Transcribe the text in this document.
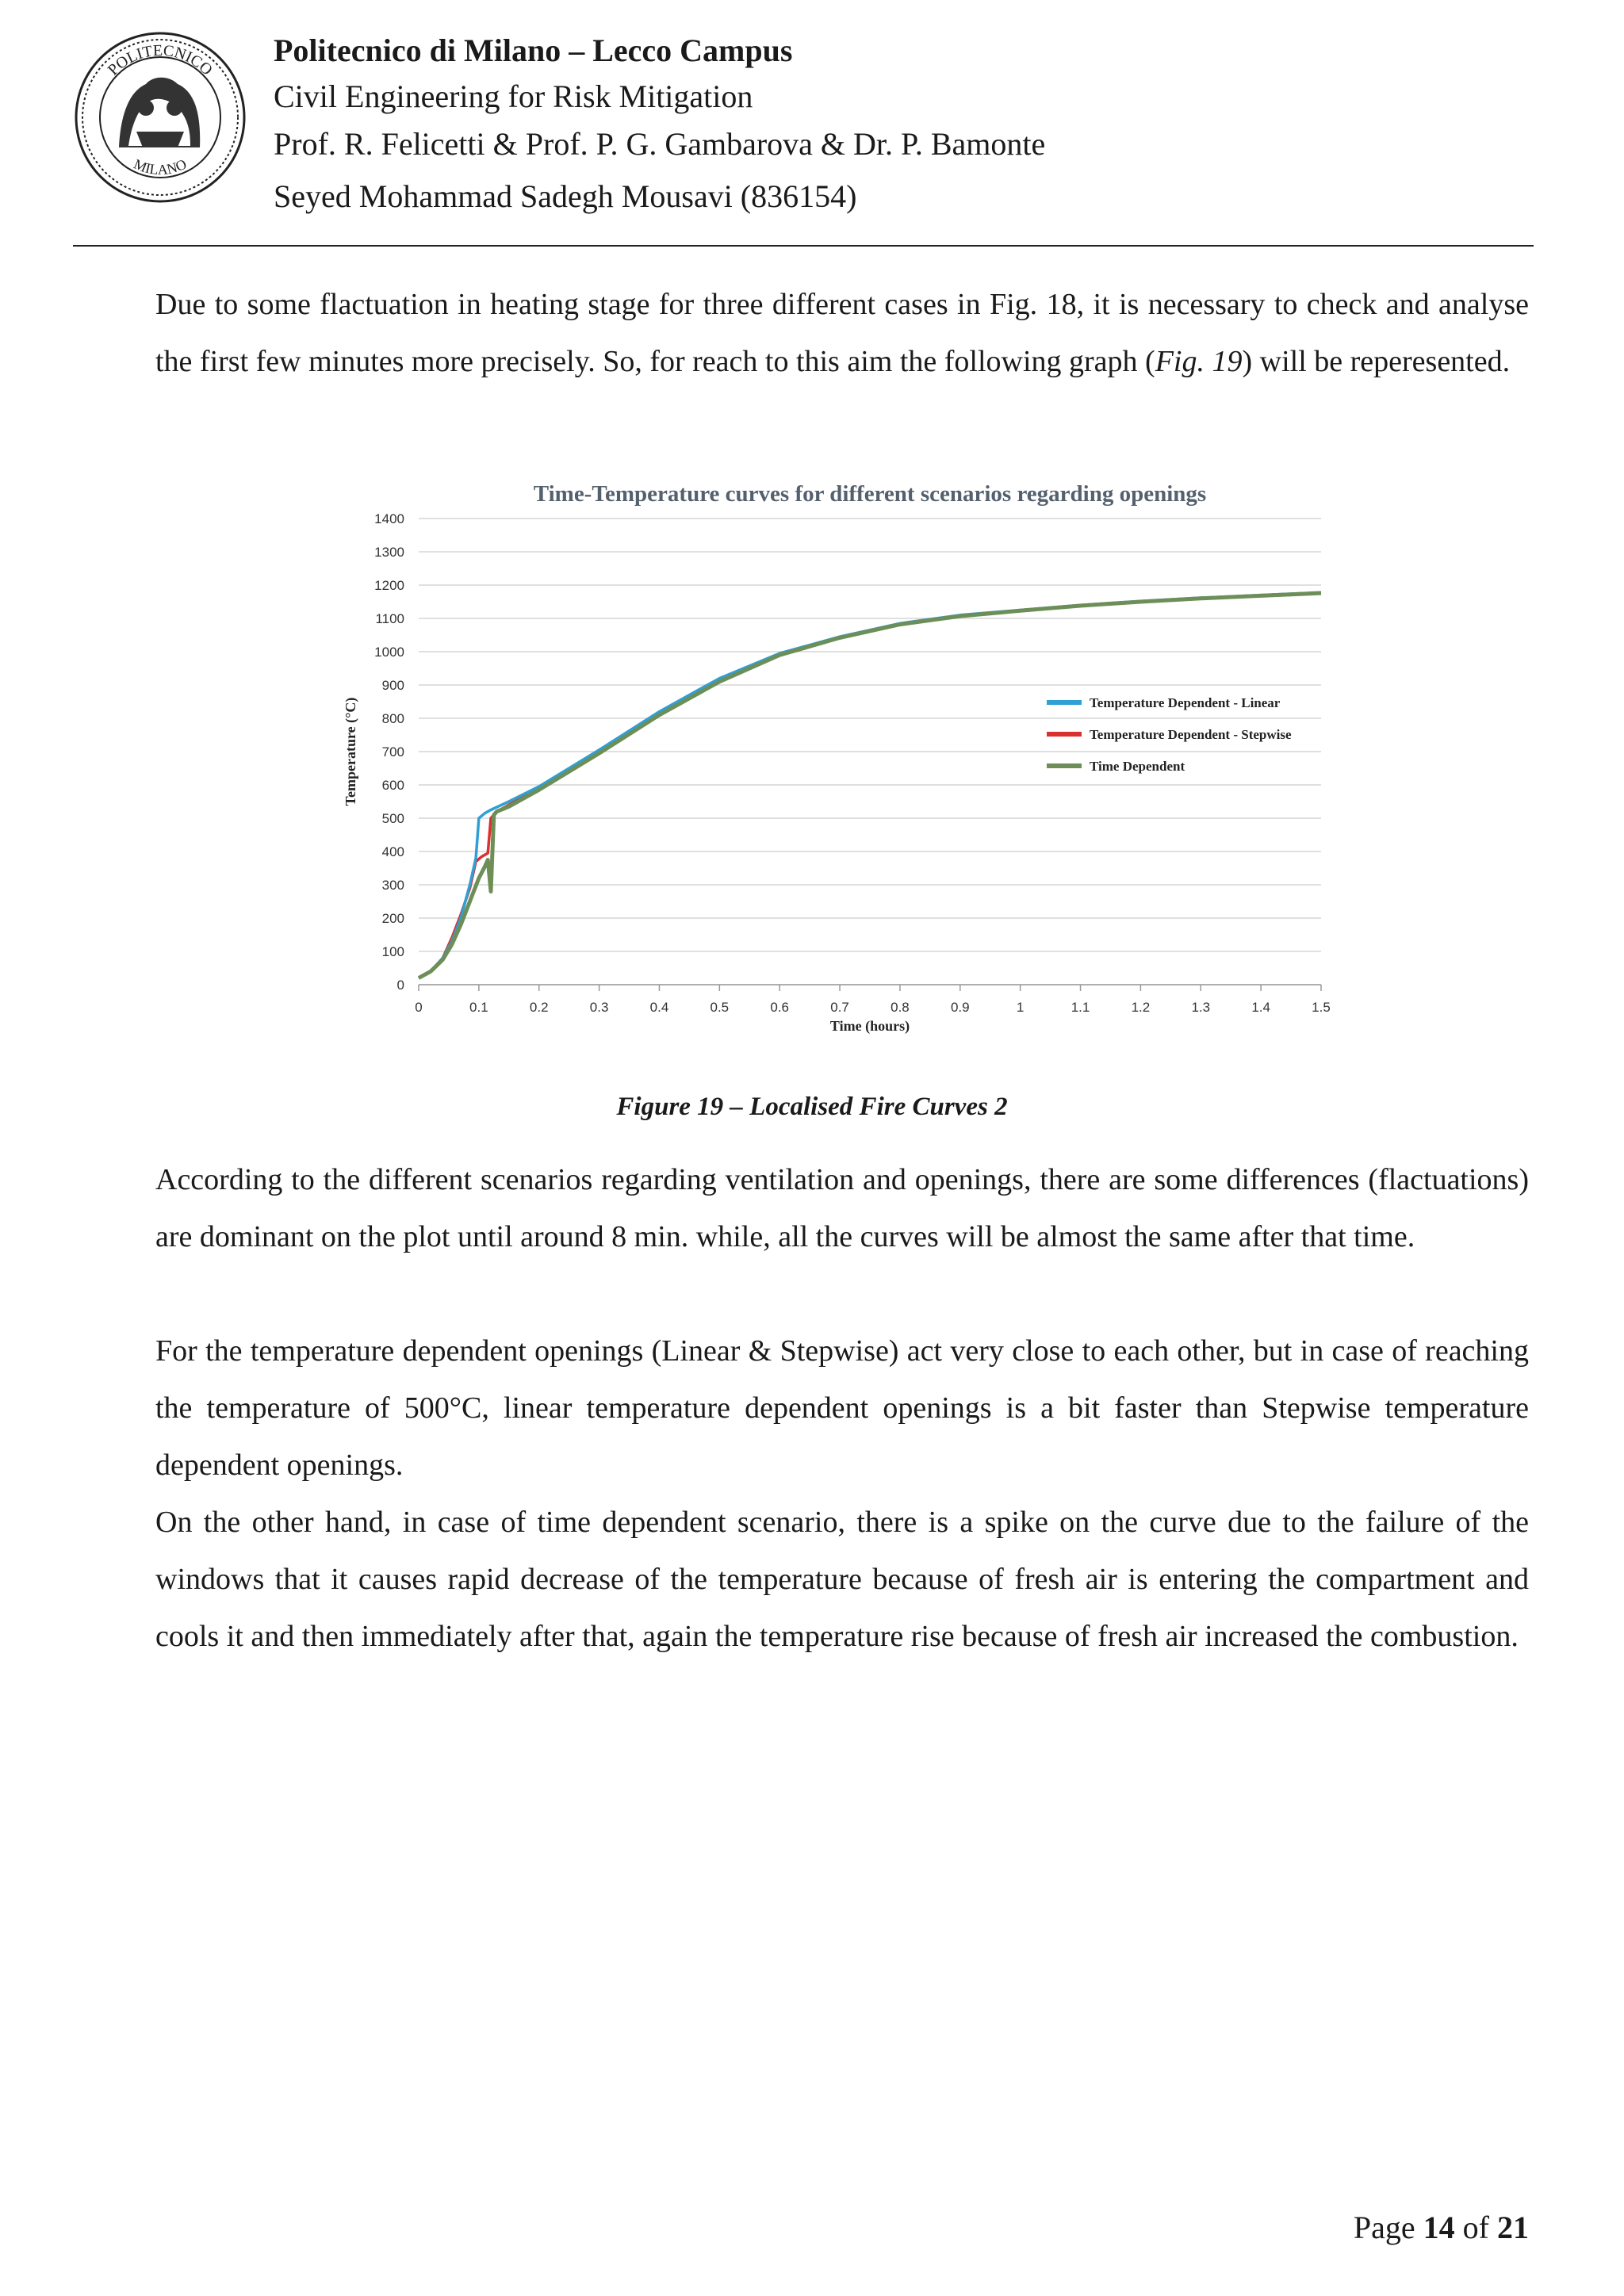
POLITECNICO
MILANO
Politecnico di Milano – Lecco Campus
Civil Engineering for Risk Mitigation
Prof. R. Felicetti & Prof. P. G. Gambarova & Dr. P. Bamonte
Seyed Mohammad Sadegh Mousavi (836154)

Due to some flactuation in heating stage for three different cases in Fig. 18, it is necessary to check and analyse the first few minutes more precisely. So, for reach to this aim the following graph (Fig. 19) will be reperesented.

Time-Temperature curves for different scenarios regarding openings
0
100
200
300
400
500
600
700
800
900
1000
1100
1200
1300
1400
0	0.1	0.2	0.3	0.4	0.5	0.6	0.7	0.8	0.9	1	1.1	1.2	1.3	1.4	1.5
Time (hours)
Temperature (°C)	Temperature Dependent - Linear
Temperature Dependent - Stepwise
Time Dependent
Figure 19 – Localised Fire Curves 2

According to the different scenarios regarding ventilation and openings, there are some differences (flactuations) are dominant on the plot until around 8 min. while, all the curves will be almost the same after that time.

For the temperature dependent openings (Linear & Stepwise) act very close to each other, but in case of reaching the temperature of 500°C, linear temperature dependent openings is a bit faster than Stepwise temperature dependent openings.

On the other hand, in case of time dependent scenario, there is a spike on the curve due to the failure of the windows that it causes rapid decrease of the temperature because of fresh air is entering the compartment and cools it and then immediately after that, again the temperature rise because of fresh air increased the combustion.

Page 14 of 21
